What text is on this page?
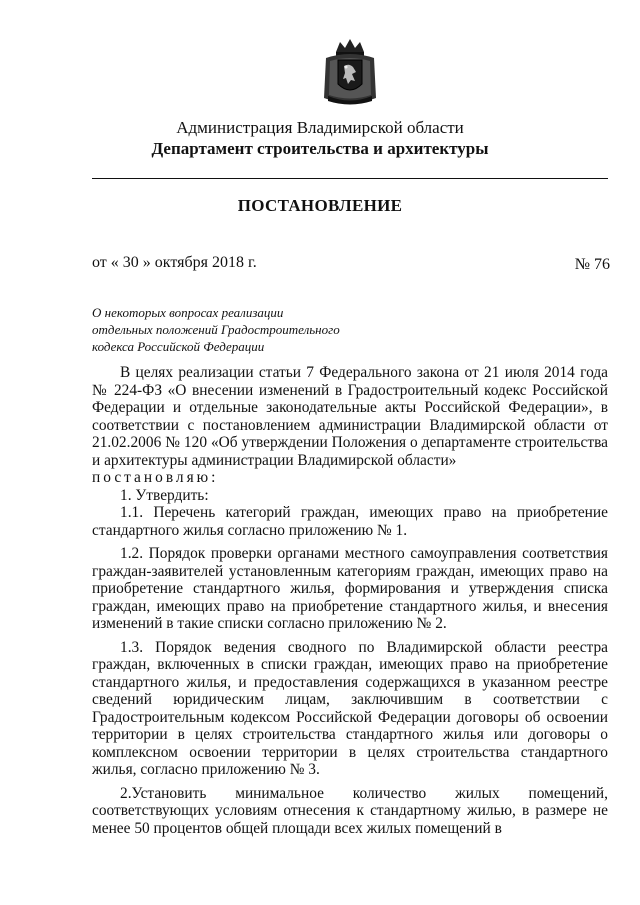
Администрация Владимирской области
Департамент строительства и архитектуры
ПОСТАНОВЛЕНИЕ
от « 30 » октября 2018 г.	№ 76
О некоторых вопросах реализации
отдельных положений Градостроительного
кодекса Российской Федерации

В целях реализации статьи 7 Федерального закона от 21 июля 2014 года № 224-ФЗ «О внесении изменений в Градостроительный кодекс Российской Федерации и отдельные законодательные акты Российской Федерации», в соответствии с постановлением администрации Владимирской области от 21.02.2006 № 120 «Об утверждении Положения о департаменте строительства и архитектуры администрации Владимирской области»

постановляю:

1. Утвердить:

1.1. Перечень категорий граждан, имеющих право на приобретение стандартного жилья согласно приложению № 1.

1.2. Порядок проверки органами местного самоуправления соответствия граждан-заявителей установленным категориям граждан, имеющих право на приобретение стандартного жилья, формирования и утверждения списка граждан, имеющих право на приобретение стандартного жилья, и внесения изменений в такие списки согласно приложению № 2.

1.3. Порядок ведения сводного по Владимирской области реестра граждан, включенных в списки граждан, имеющих право на приобретение стандартного жилья, и предоставления содержащихся в указанном реестре сведений юридическим лицам, заключившим в соответствии с Градостроительным кодексом Российской Федерации договоры об освоении территории в целях строительства стандартного жилья или договоры о комплексном освоении территории в целях строительства стандартного жилья, согласно приложению № 3.

2.Установить минимальное количество жилых помещений, соответствующих условиям отнесения к стандартному жилью, в размере не менее 50 процентов общей площади всех жилых помещений в
